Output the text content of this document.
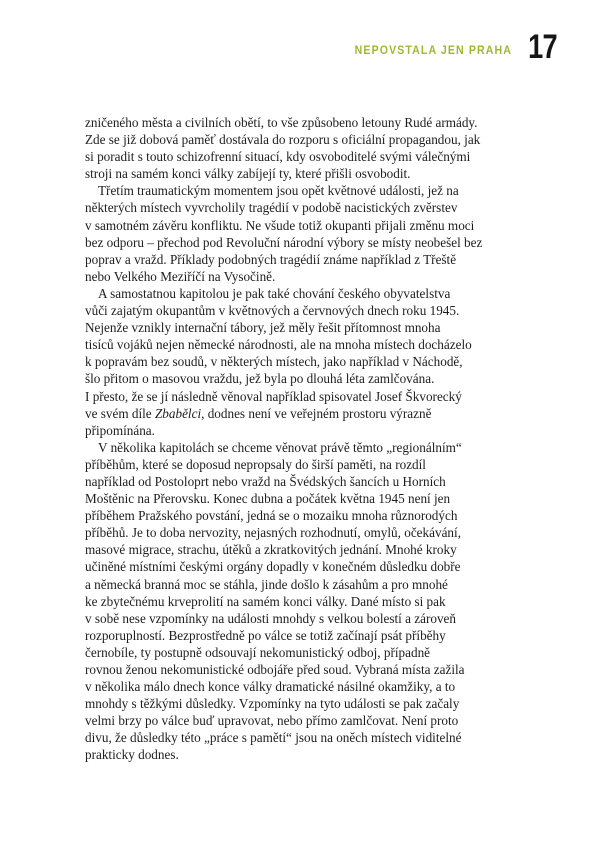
NEPOVSTALA JEN PRAHA 17
zničeného města a civilních obětí, to vše způsobeno letouny Rudé armády.
Zde se již dobová paměť dostávala do rozporu s oficiální propagandou, jak
si poradit s touto schizofrenní situací, kdy osvoboditelé svými válečnými
stroji na samém konci války zabíjejí ty, které přišli osvobodit.
Třetím traumatickým momentem jsou opět květnové události, jež na
některých místech vyvrcholily tragédií v podobě nacistických zvěrstev
v samotném závěru konfliktu. Ne všude totiž okupanti přijali změnu moci
bez odporu – přechod pod Revoluční národní výbory se místy neobešel bez
poprav a vražd. Příklady podobných tragédií známe například z Třeště
nebo Velkého Meziříčí na Vysočině.
A samostatnou kapitolou je pak také chování českého obyvatelstva
vůči zajatým okupantům v květnových a červnových dnech roku 1945.
Nejenže vznikly internační tábory, jež měly řešit přítomnost mnoha
tisíců vojáků nejen německé národnosti, ale na mnoha místech docházelo
k popravám bez soudů, v některých místech, jako například v Náchodě,
šlo přitom o masovou vraždu, jež byla po dlouhá léta zamlčována.
I přesto, že se jí následně věnoval například spisovatel Josef Škvorecký
ve svém díle Zbabělci, dodnes není ve veřejném prostoru výrazně
připomínána.
V několika kapitolách se chceme věnovat právě těmto „regionálním“
příběhům, které se doposud nepropsaly do širší paměti, na rozdíl
například od Postoloprt nebo vražd na Švédských šancích u Horních
Moštěnic na Přerovsku. Konec dubna a počátek května 1945 není jen
příběhem Pražského povstání, jedná se o mozaiku mnoha různorodých
příběhů. Je to doba nervozity, nejasných rozhodnutí, omylů, očekávání,
masové migrace, strachu, útěků a zkratkovitých jednání. Mnohé kroky
učiněné místními českými orgány dopadly v konečném důsledku dobře
a německá branná moc se stáhla, jinde došlo k zásahům a pro mnohé
ke zbytečnému krveprolití na samém konci války. Dané místo si pak
v sobě nese vzpomínky na události mnohdy s velkou bolestí a zároveň
rozporuplností. Bezprostředně po válce se totiž začínají psát příběhy
černobíle, ty postupně odsouvají nekomunistický odboj, případně
rovnou ženou nekomunistické odbojáře před soud. Vybraná místa zažila
v několika málo dnech konce války dramatické násilné okamžiky, a to
mnohdy s těžkými důsledky. Vzpomínky na tyto události se pak začaly
velmi brzy po válce buď upravovat, nebo přímo zamlčovat. Není proto
divu, že důsledky této „práce s pamětí“ jsou na oněch místech viditelné
prakticky dodnes.
